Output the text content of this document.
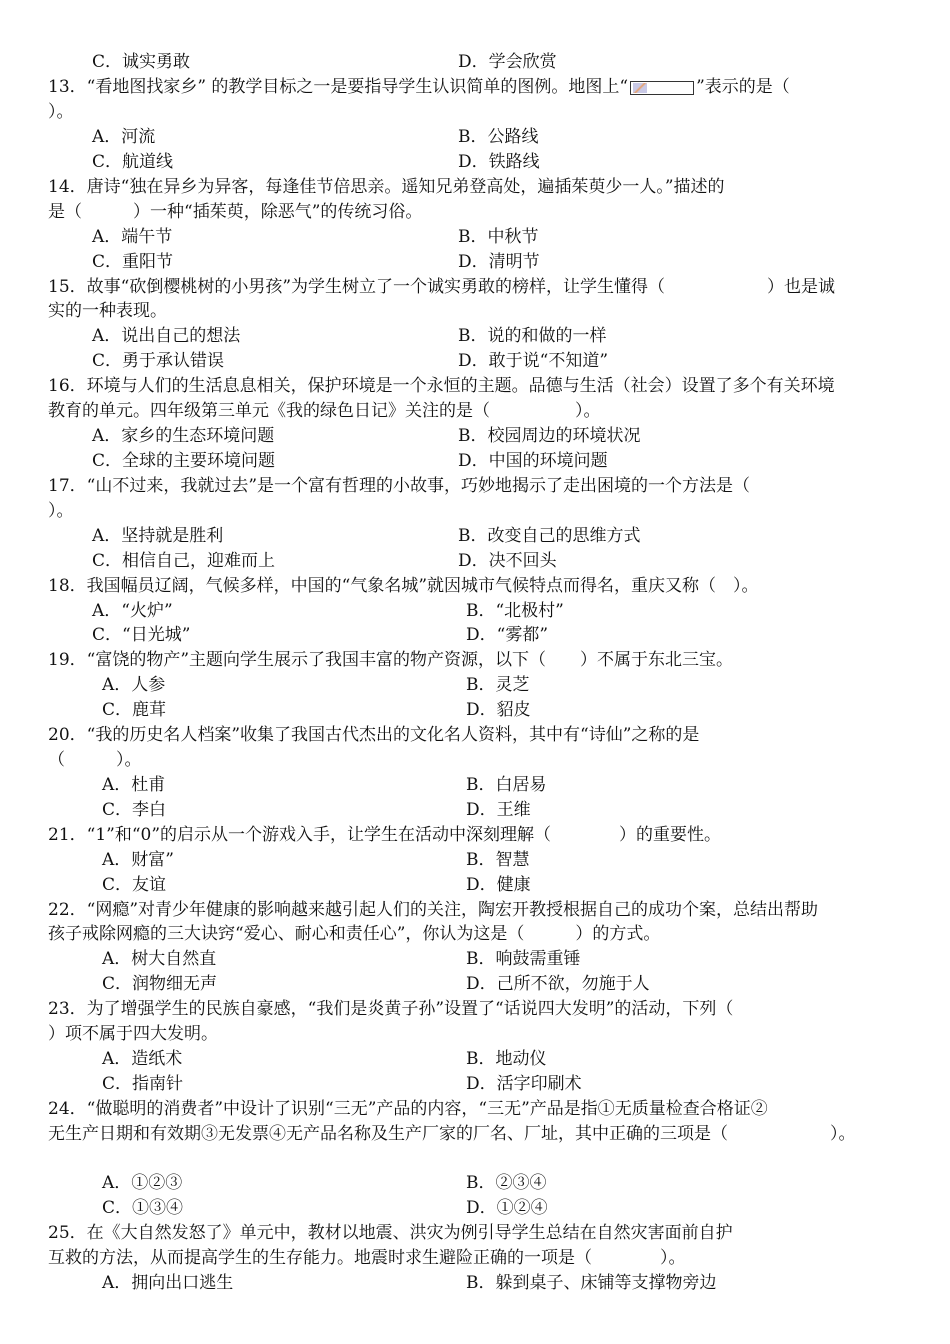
C．诚实勇敢	D．学会欣赏
13．“看地图找家乡” 的教学目标之一是要指导学生认识简单的图例。地图上“	”表示的是（
）。
A．河流	B．公路线
C．航道线	D．铁路线
14．唐诗“独在异乡为异客，每逢佳节倍思亲。遥知兄弟登高处，遍插茱萸少一人。”描述的
是（　　　）一种“插茱萸，除恶气”的传统习俗。
A．端午节	B．中秋节
C．重阳节	D．清明节
15．故事“砍倒樱桃树的小男孩”为学生树立了一个诚实勇敢的榜样，让学生懂得（　　　　　　）也是诚
实的一种表现。
A．说出自己的想法	B．说的和做的一样
C．勇于承认错误	D．敢于说“不知道”
16．环境与人们的生活息息相关，保护环境是一个永恒的主题。品德与生活（社会）设置了多个有关环境
教育的单元。四年级第三单元《我的绿色日记》关注的是（　　　　　）。
A．家乡的生态环境问题	B．校园周边的环境状况
C．全球的主要环境问题	D．中国的环境问题
17．“山不过来，我就过去”是一个富有哲理的小故事，巧妙地揭示了走出困境的一个方法是（
）。
A．坚持就是胜利	B．改变自己的思维方式
C．相信自己，迎难而上	D．决不回头
18．我国幅员辽阔，气候多样，中国的“气象名城”就因城市气候特点而得名，重庆又称（　）。
A．“火炉”	B．“北极村”
C．“日光城”	D．“雾都”
19．“富饶的物产”主题向学生展示了我国丰富的物产资源，以下（　　）不属于东北三宝。
A．人参	B．灵芝
C．鹿茸	D．貂皮
20．“我的历史名人档案”收集了我国古代杰出的文化名人资料，其中有“诗仙”之称的是
（　　　）。
A．杜甫	B．白居易
C．李白	D．王维
21．“1”和“0”的启示从一个游戏入手，让学生在活动中深刻理解（　　　　）的重要性。
A．财富”	B．智慧
C．友谊	D．健康
22．“网瘾”对青少年健康的影响越来越引起人们的关注，陶宏开教授根据自己的成功个案，总结出帮助
孩子戒除网瘾的三大诀窍“爱心、耐心和责任心”，你认为这是（　　　）的方式。
A．树大自然直	B．响鼓需重锤
C．润物细无声	D．己所不欲，勿施于人
23．为了增强学生的民族自豪感，“我们是炎黄子孙”设置了“话说四大发明”的活动，下列（
）项不属于四大发明。
A．造纸术	B．地动仪
C．指南针	D．活字印刷术
24．“做聪明的消费者”中设计了识别“三无”产品的内容，“三无”产品是指①无质量检查合格证②
无生产日期和有效期③无发票④无产品名称及生产厂家的厂名、厂址，其中正确的三项是（　　　　　　）。
A．①②③	B．②③④
C．①③④	D．①②④
25．在《大自然发怒了》单元中，教材以地震、洪灾为例引导学生总结在自然灾害面前自护
互救的方法，从而提高学生的生存能力。地震时求生避险正确的一项是（　　　　）。
A．拥向出口逃生	B．躲到桌子、床铺等支撑物旁边
